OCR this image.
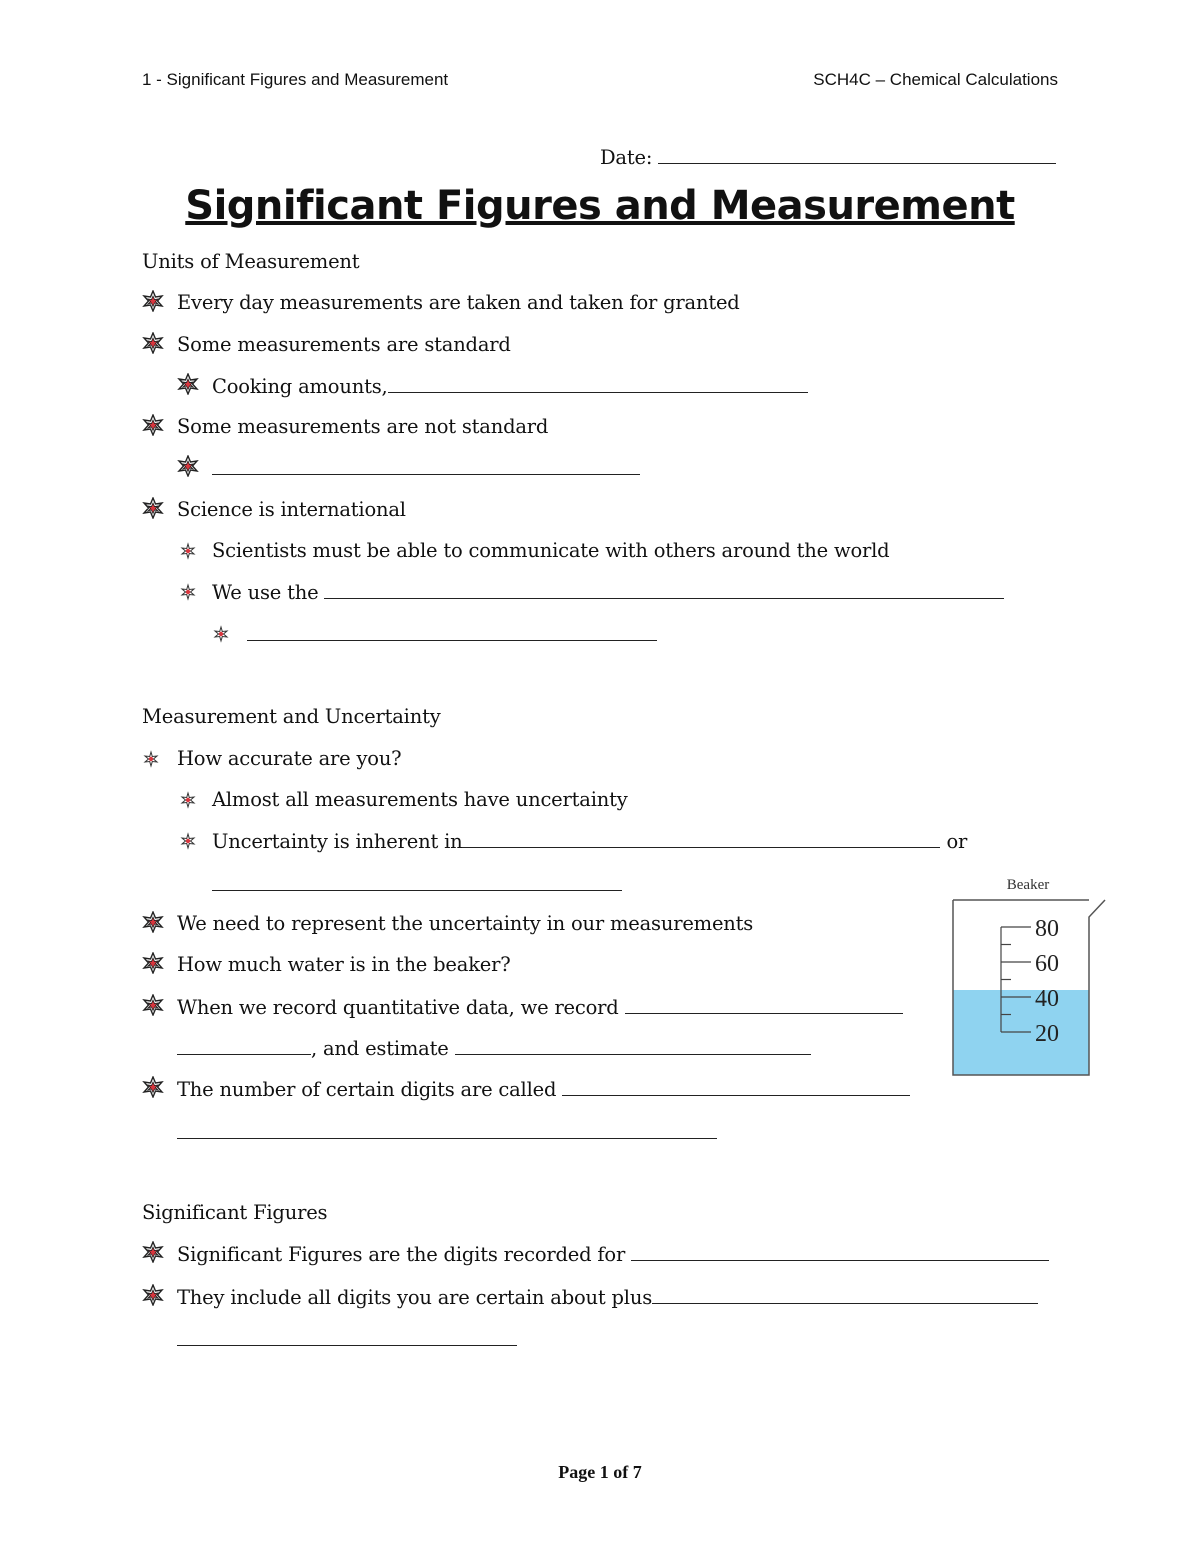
1 - Significant Figures and Measurement	SCH4C – Chemical Calculations
Date:
Significant Figures and Measurement
Units of Measurement
Every day measurements are taken and taken for granted
Some measurements are standard
Cooking amounts,
Some measurements are not standard
Science is international
Scientists must be able to communicate with others around the world
We use the
Measurement and Uncertainty
How accurate are you?
Almost all measurements have uncertainty
Uncertainty is inherent in	or
We need to represent the uncertainty in our measurements
How much water is in the beaker?
When we record quantitative data, we record
, and estimate
The number of certain digits are called
Beaker
80
60
40
20
Significant Figures
Significant Figures are the digits recorded for
They include all digits you are certain about plus
Page 1 of 7
